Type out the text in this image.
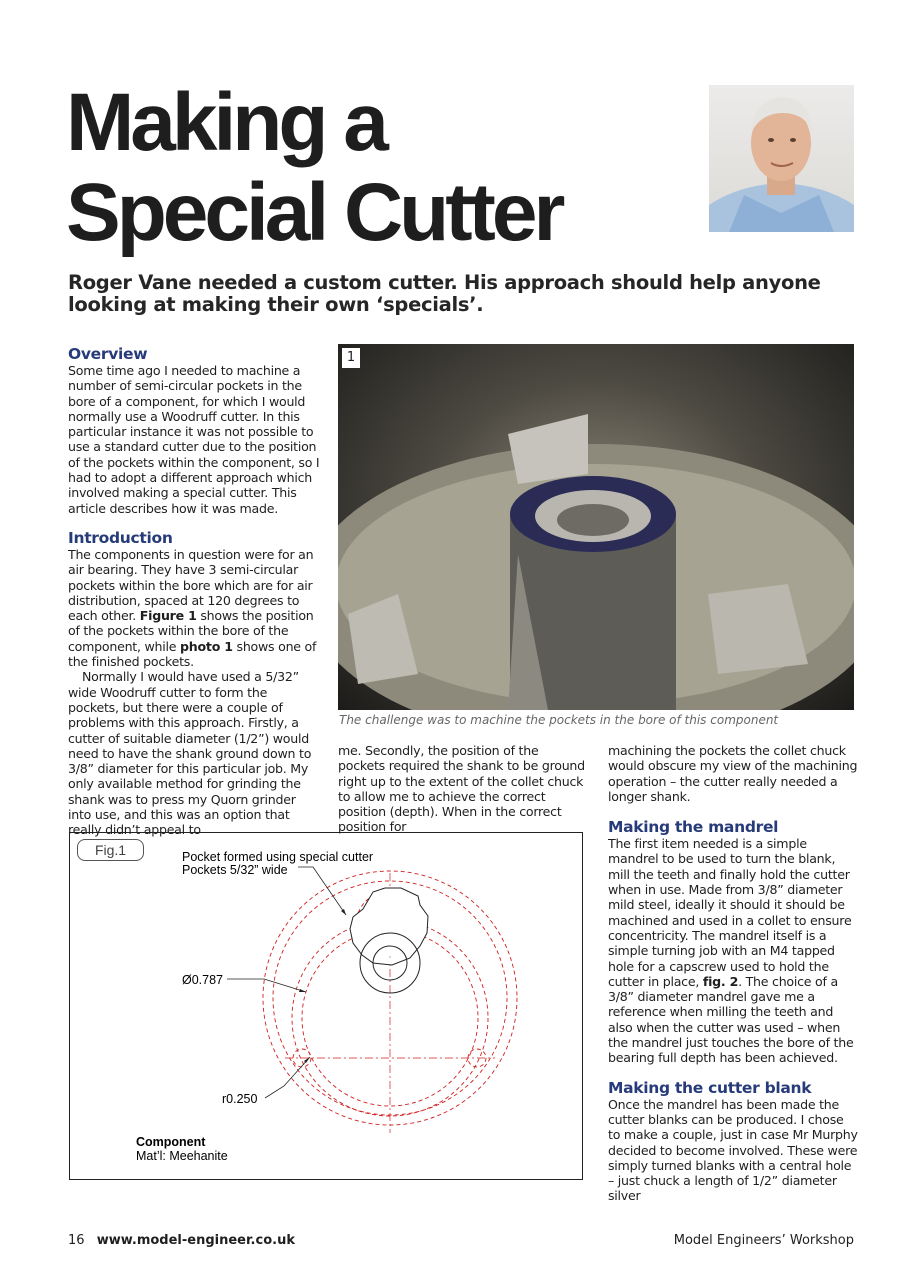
Making a
Special Cutter
Roger Vane needed a custom cutter. His approach should help anyone looking at making their own ‘specials’.

Overview

Some time ago I needed to machine a number of semi-circular pockets in the bore of a component, for which I would normally use a Woodruff cutter. In this particular instance it was not possible to use a standard cutter due to the position of the pockets within the component, so I had to adopt a different approach which involved making a special cutter. This article describes how it was made.

Introduction

The components in question were for an air bearing. They have 3 semi-circular pockets within the bore which are for air distribution, spaced at 120 degrees to each other. Figure 1 shows the position of the pockets within the bore of the component, while photo 1 shows one of the finished pockets.

Normally I would have used a 5/32” wide Woodruff cutter to form the pockets, but there were a couple of problems with this approach. Firstly, a cutter of suitable diameter (1/2”) would need to have the shank ground down to 3/8” diameter for this particular job. My only available method for grinding the shank was to press my Quorn grinder into use, and this was an option that really didn’t appeal to

1
The challenge was to machine the pockets in the bore of this component

me. Secondly, the position of the pockets required the shank to be ground right up to the extent of the collet chuck to allow me to achieve the correct position (depth). When in the correct position for

machining the pockets the collet chuck would obscure my view of the machining operation – the cutter really needed a longer shank.

Making the mandrel

The first item needed is a simple mandrel to be used to turn the blank, mill the teeth and finally hold the cutter when in use. Made from 3/8” diameter mild steel, ideally it should it should be machined and used in a collet to ensure concentricity. The mandrel itself is a simple turning job with an M4 tapped hole for a capscrew used to hold the cutter in place, fig. 2. The choice of a 3/8” diameter mandrel gave me a reference when milling the teeth and also when the cutter was used – when the mandrel just touches the bore of the bearing full depth has been achieved.

Making the cutter blank

Once the mandrel has been made the cutter blanks can be produced. I chose to make a couple, just in case Mr Murphy decided to become involved. These were simply turned blanks with a central hole – just chuck a length of 1/2” diameter silver

Fig.1	Pocket formed using special cutter
Pockets 5/32” wide
Ø0.787
r0.250
Component
Mat’l: Meehanite
16 www.model-engineer.co.uk	Model Engineers’ Workshop
